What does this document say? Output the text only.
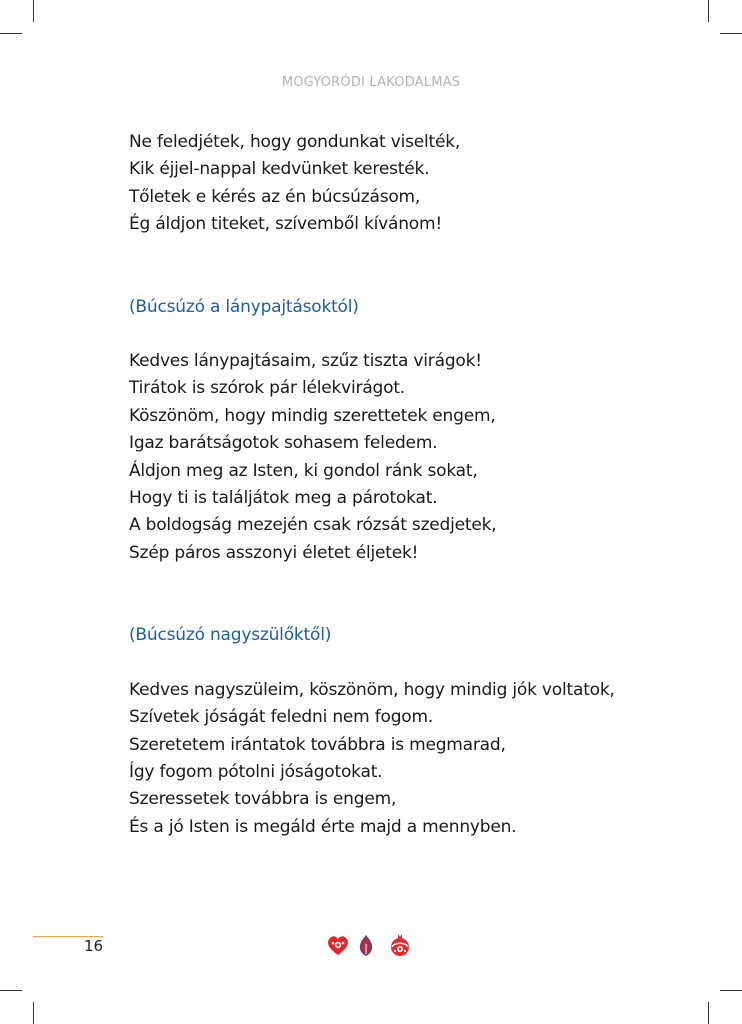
MOGYORÓDI LAKODALMAS
Ne feledjétek, hogy gondunkat viselték,
Kik éjjel-nappal kedvünket keresték.
Tőletek e kérés az én búcsúzásom,
Ég áldjon titeket, szívemből kívánom!
(Búcsúzó a lánypajtásoktól)
Kedves lánypajtásaim, szűz tiszta virágok!
Tirátok is szórok pár lélekvirágot.
Köszönöm, hogy mindig szerettetek engem,
Igaz barátságotok sohasem feledem.
Áldjon meg az Isten, ki gondol ránk sokat,
Hogy ti is találjátok meg a párotokat.
A boldogság mezején csak rózsát szedjetek,
Szép páros asszonyi életet éljetek!
(Búcsúzó nagyszülőktől)
Kedves nagyszüleim, köszönöm, hogy mindig jók voltatok,
Szívetek jóságát feledni nem fogom.
Szeretetem irántatok továbbra is megmarad,
Így fogom pótolni jóságotokat.
Szeressetek továbbra is engem,
És a jó Isten is megáld érte majd a mennyben.
16
